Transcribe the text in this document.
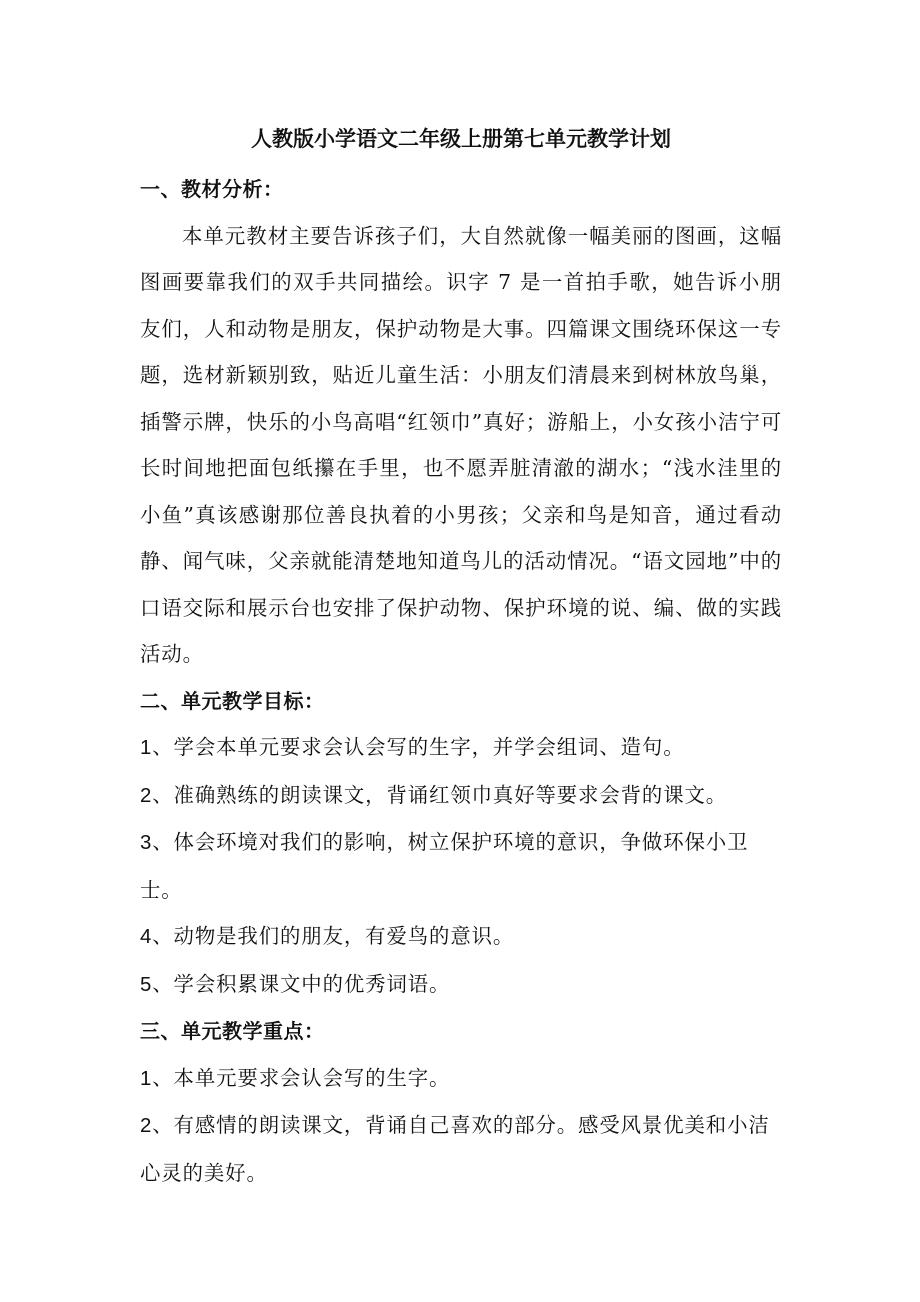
人教版小学语文二年级上册第七单元教学计划
一、教材分析：

本单元教材主要告诉孩子们，大自然就像一幅美丽的图画，这幅图画要靠我们的双手共同描绘。识字 7 是一首拍手歌，她告诉小朋友们，人和动物是朋友，保护动物是大事。四篇课文围绕环保这一专题，选材新颖别致，贴近儿童生活：小朋友们清晨来到树林放鸟巢，插警示牌，快乐的小鸟高唱“红领巾”真好；游船上，小女孩小洁宁可长时间地把面包纸攥在手里，也不愿弄脏清澈的湖水；“浅水洼里的小鱼”真该感谢那位善良执着的小男孩；父亲和鸟是知音，通过看动静、闻气味，父亲就能清楚地知道鸟儿的活动情况。“语文园地”中的口语交际和展示台也安排了保护动物、保护环境的说、编、做的实践活动。

二、单元教学目标：

1、学会本单元要求会认会写的生字，并学会组词、造句。

2、准确熟练的朗读课文，背诵红领巾真好等要求会背的课文。

3、体会环境对我们的影响，树立保护环境的意识，争做环保小卫士。

4、动物是我们的朋友，有爱鸟的意识。

5、学会积累课文中的优秀词语。

三、单元教学重点：

1、本单元要求会认会写的生字。

2、有感情的朗读课文，背诵自己喜欢的部分。感受风景优美和小洁心灵的美好。
